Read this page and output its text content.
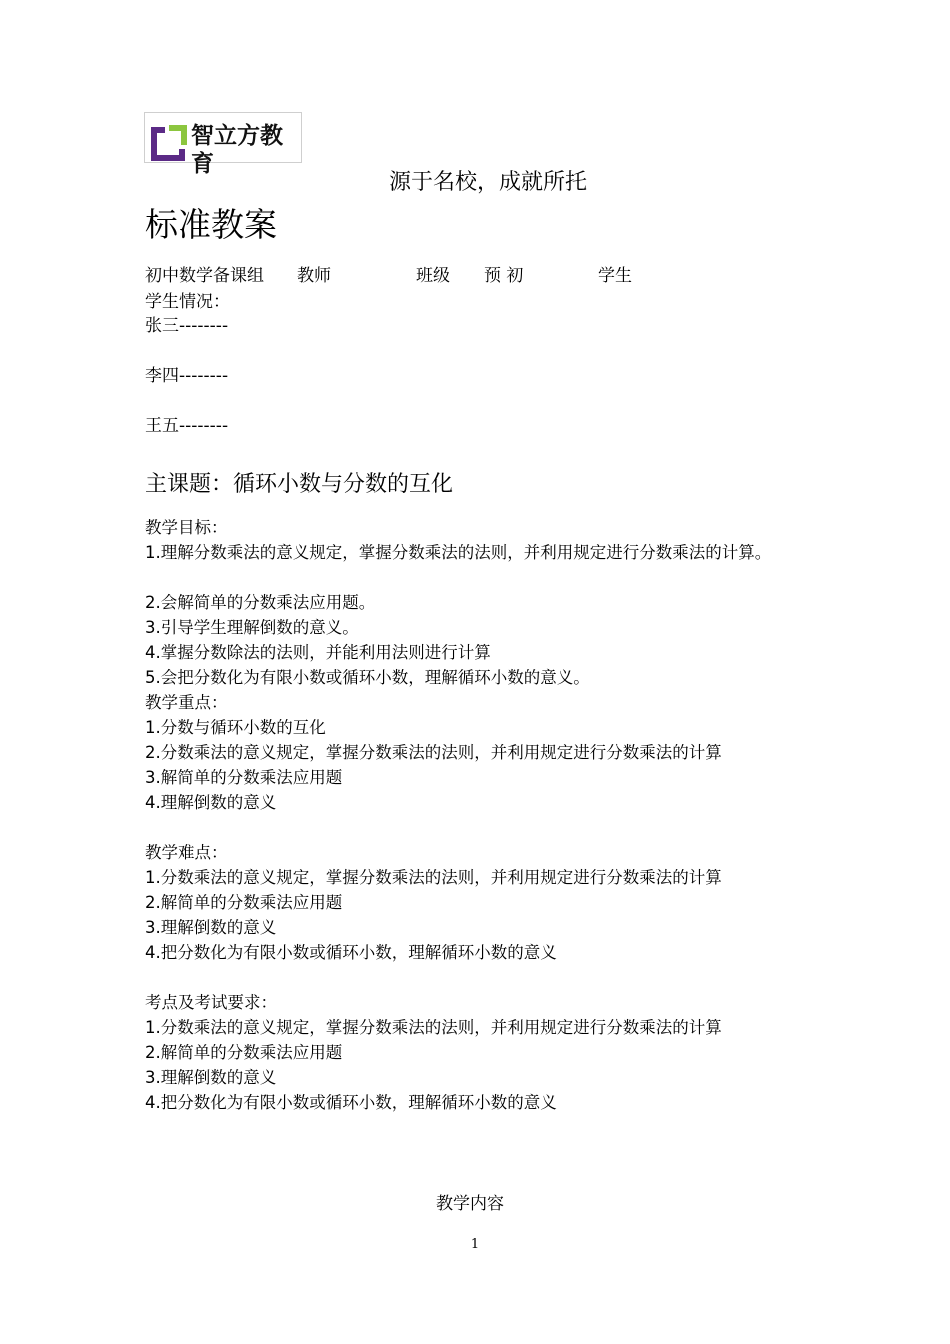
智立方教育
源于名校，成就所托
标准教案
初中数学备课组 教师	班级 预 初	学生
学生情况：
张三--------
李四--------
王五--------
主课题：循环小数与分数的互化
教学目标：
1.理解分数乘法的意义规定，掌握分数乘法的法则，并利用规定进行分数乘法的计算。
2.会解简单的分数乘法应用题。
3.引导学生理解倒数的意义。
4.掌握分数除法的法则，并能利用法则进行计算
5.会把分数化为有限小数或循环小数，理解循环小数的意义。
教学重点：
1.分数与循环小数的互化
2.分数乘法的意义规定，掌握分数乘法的法则，并利用规定进行分数乘法的计算
3.解简单的分数乘法应用题
4.理解倒数的意义
教学难点：
1.分数乘法的意义规定，掌握分数乘法的法则，并利用规定进行分数乘法的计算
2.解简单的分数乘法应用题
3.理解倒数的意义
4.把分数化为有限小数或循环小数，理解循环小数的意义
考点及考试要求：
1.分数乘法的意义规定，掌握分数乘法的法则，并利用规定进行分数乘法的计算
2.解简单的分数乘法应用题
3.理解倒数的意义
4.把分数化为有限小数或循环小数，理解循环小数的意义
教学内容
1
